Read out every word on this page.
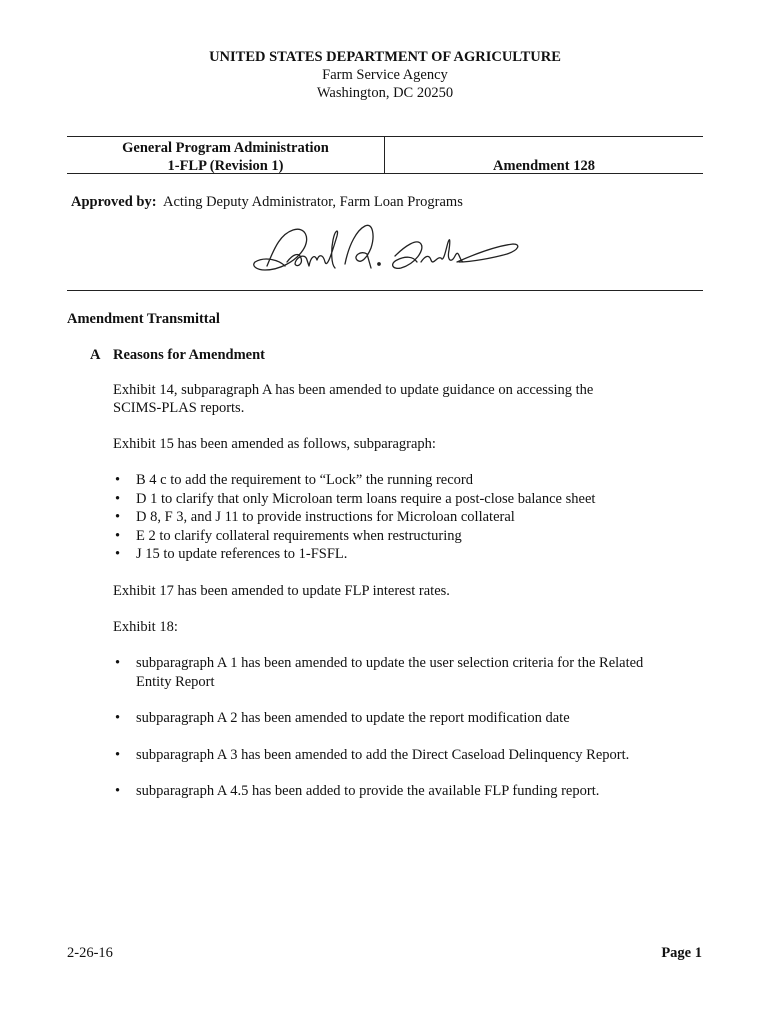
UNITED STATES DEPARTMENT OF AGRICULTURE
Farm Service Agency
Washington, DC 20250
General Program Administration
1-FLP (Revision 1)	Amendment 128
Approved by: Acting Deputy Administrator, Farm Loan Programs
Amendment Transmittal
A Reasons for Amendment
Exhibit 14, subparagraph A has been amended to update guidance on accessing the SCIMS-PLAS reports.
Exhibit 15 has been amended as follows, subparagraph:
• B 4 c to add the requirement to “Lock” the running record
• D 1 to clarify that only Microloan term loans require a post-close balance sheet
• D 8, F 3, and J 11 to provide instructions for Microloan collateral
• E 2 to clarify collateral requirements when restructuring
• J 15 to update references to 1-FSFL.
Exhibit 17 has been amended to update FLP interest rates.
Exhibit 18:
• subparagraph A 1 has been amended to update the user selection criteria for the Related Entity Report
• subparagraph A 2 has been amended to update the report modification date
• subparagraph A 3 has been amended to add the Direct Caseload Delinquency Report.
• subparagraph A 4.5 has been added to provide the available FLP funding report.
2-26-16	Page 1
